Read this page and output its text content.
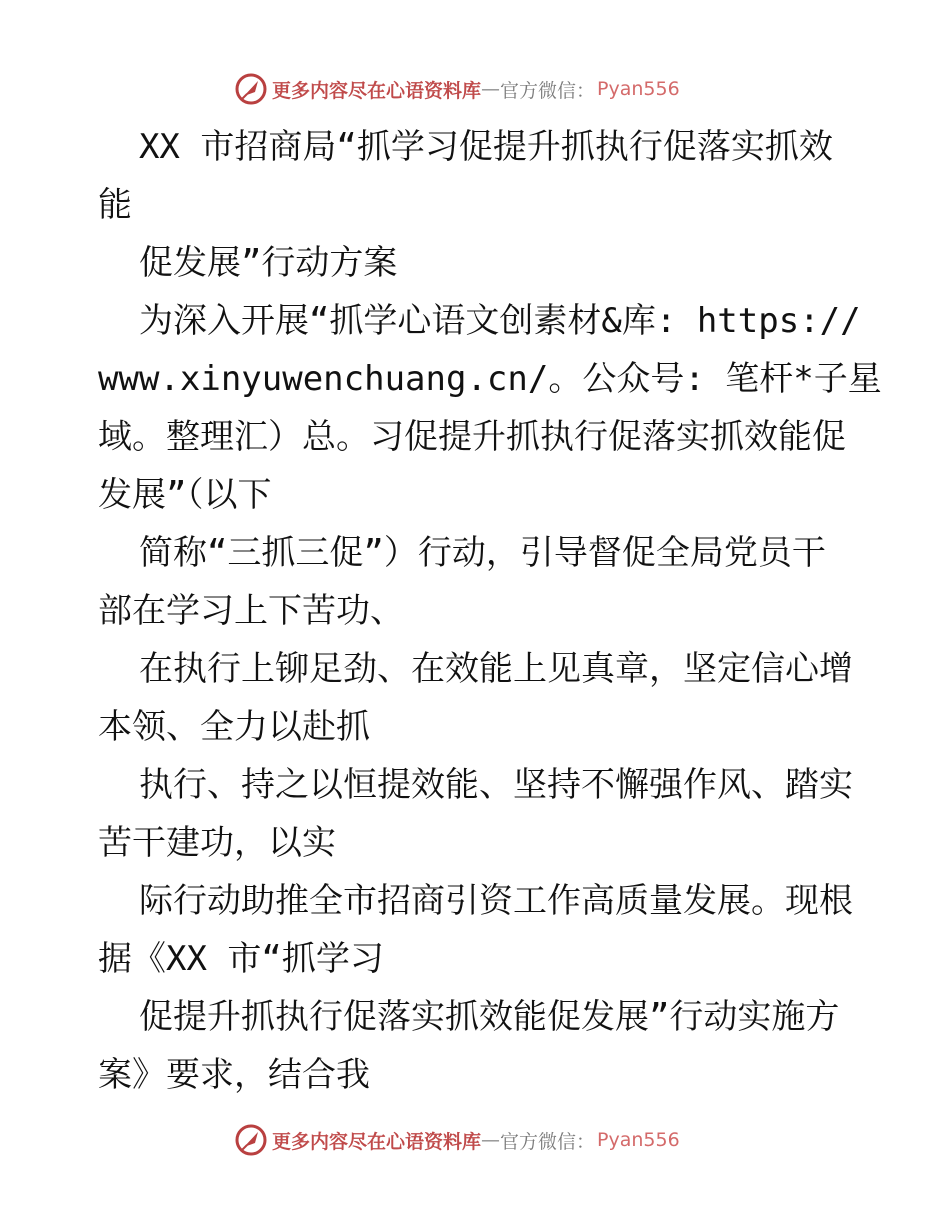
更多内容尽在心语资料库 — 官方微信： Pyan556
XX 市招商局“抓学习促提升抓执行促落实抓效
能
促发展”行动方案
为深入开展“抓学心语文创素材&库: https://
www.xinyuwenchuang.cn/。公众号: 笔杆*子星
域。整理汇）总。习促提升抓执行促落实抓效能促
发展”（以下
简称“三抓三促”）行动，引导督促全局党员干
部在学习上下苦功、
在执行上铆足劲、在效能上见真章，坚定信心增
本领、全力以赴抓
执行、持之以恒提效能、坚持不懈强作风、踏实
苦干建功，以实
际行动助推全市招商引资工作高质量发展。现根
据《XX 市“抓学习
促提升抓执行促落实抓效能促发展”行动实施方
案》要求，结合我
更多内容尽在心语资料库 — 官方微信： Pyan556
